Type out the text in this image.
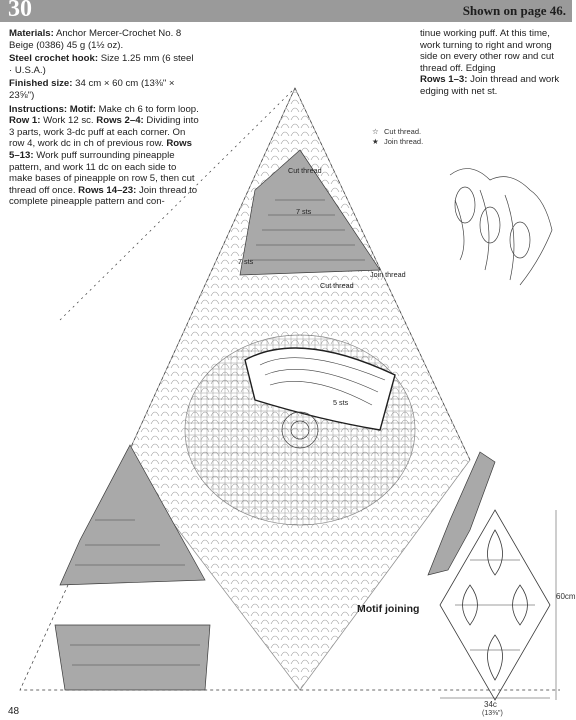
30	Shown on page 46.

Materials: Anchor Mercer-Crochet No. 8 Beige (0386) 45 g (1½ oz).

Steel crochet hook: Size 1.25 mm (6 steel · U.S.A.)

Finished size: 34 cm × 60 cm (13⅜" × 23⅝")

Instructions: Motif: Make ch 6 to form loop. Row 1: Work 12 sc. Rows 2–4: Dividing into 3 parts, work 3-dc puff at each corner. On row 4, work dc in ch of previous row. Rows 5–13: Work puff surrounding pineapple pattern, and work 11 dc on each side to make bases of pineapple on row 5, then cut thread off once. Rows 14–23: Join thread to complete pineapple pattern and con-

tinue working puff. At this time, work turning to right and wrong side on every other row and cut thread off. Edging
Rows 1–3: Join thread and work edging with net st.
☆ Cut thread.
★ Join thread.
Cut thread
7 sts
7 sts
Join thread
Cut thread
5 sts
Motif joining
60cm
34c
(13⅜")
48
